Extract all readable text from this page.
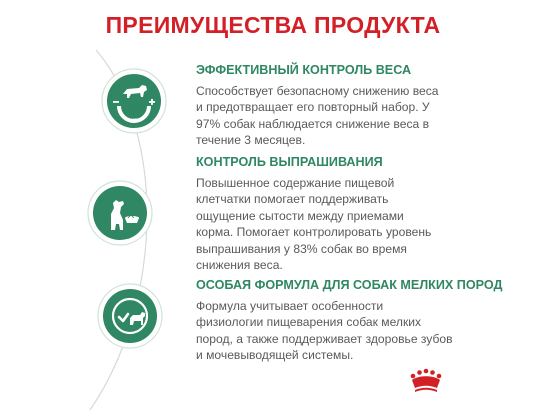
ПРЕИМУЩЕСТВА ПРОДУКТА
КГ
ЭФФЕКТИВНЫЙ КОНТРОЛЬ ВЕСА

Способствует безопасному снижению веса
и предотвращает его повторный набор. У
97% собак наблюдается снижение веса в
течение 3 месяцев.

КОНТРОЛЬ ВЫПРАШИВАНИЯ

Повышенное содержание пищевой
клетчатки помогает поддерживать
ощущение сытости между приемами
корма. Помогает контролировать уровень
выпрашивания у 83% собак во время
снижения веса.

ОСОБАЯ ФОРМУЛА ДЛЯ СОБАК МЕЛКИХ ПОРОД

Формула учитывает особенности
физиологии пищеварения собак мелких
пород, а также поддерживает здоровье зубов
и мочевыводящей системы.
